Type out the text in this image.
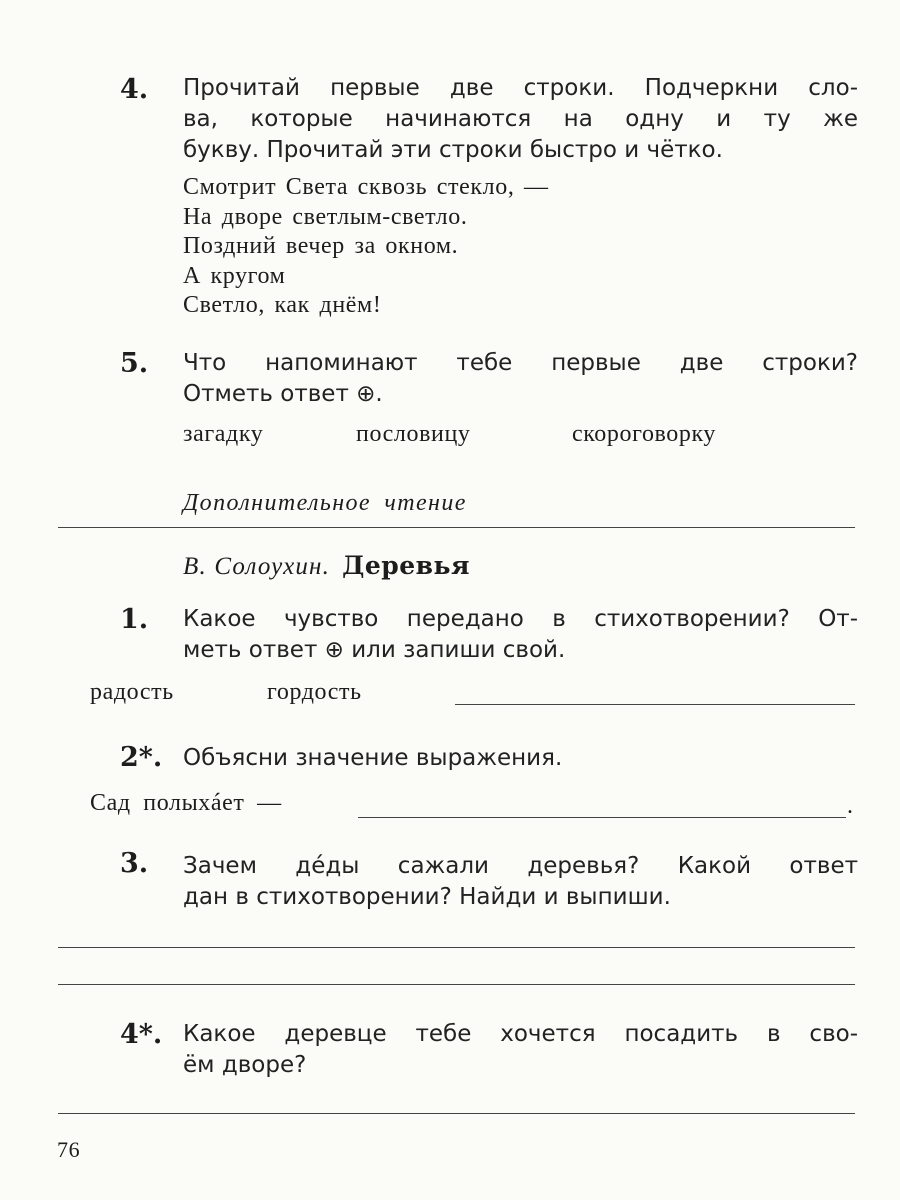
4. Прочитай первые две строки. Подчеркни сло-
ва, которые начинаются на одну и ту же
букву. Прочитай эти строки быстро и чётко.
Смотрит Света сквозь стекло, —
На дворе светлым-светло.
Поздний вечер за окном.
А кругом
Светло, как днём!
5. Что напоминают тебе первые две строки?
Отметь ответ ⊕.
загадку	пословицу	скороговорку
Дополнительное чтение
В. Солоухин. Деревья
1. Какое чувство передано в стихотворении? От-
меть ответ ⊕ или запиши свой.
радость	гордость
2*. Объясни значение выражения.
Сад полыхáет —	.
3. Зачем дéды сажали деревья? Какой ответ
дан в стихотворении? Найди и выпиши.
4*. Какое деревце тебе хочется посадить в сво-
ём дворе?
76
